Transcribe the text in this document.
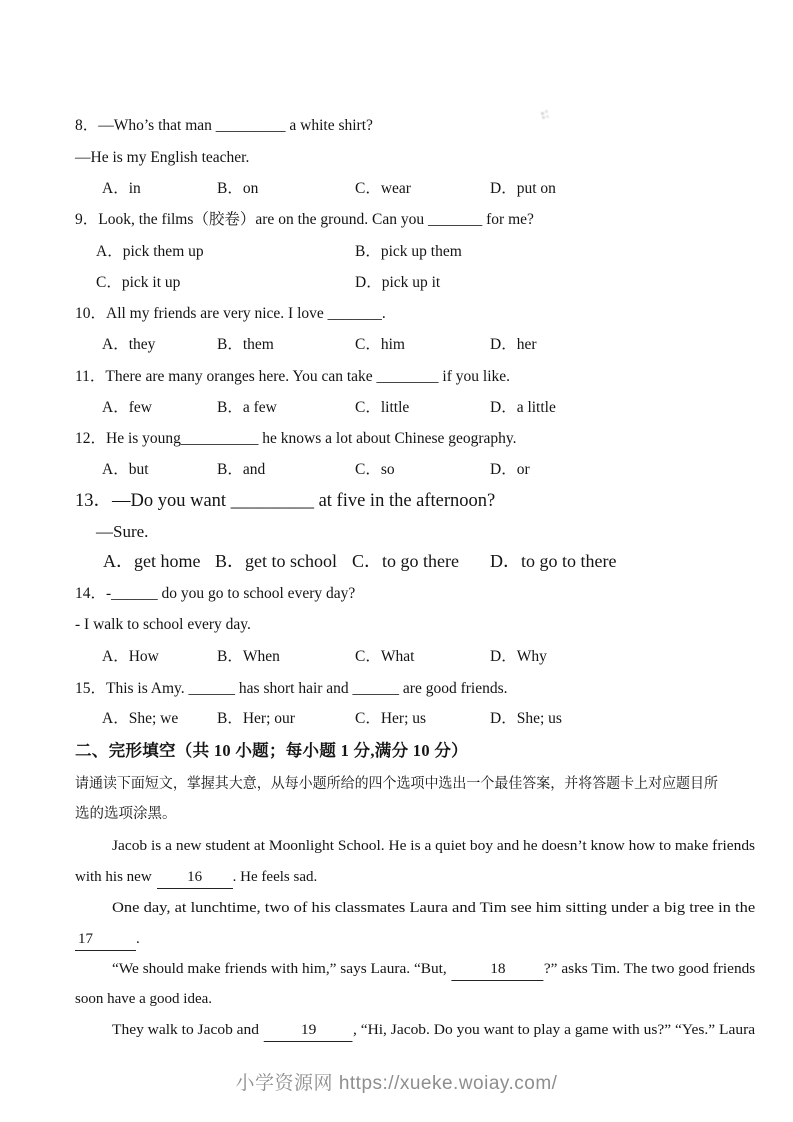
8．—Who’s that man _________ a white shirt?
—He is my English teacher.
A．in	B．on	C．wear	D．put on
9．Look, the films（胶卷）are on the ground. Can you _______ for me?
A．pick them up	B．pick up them
C．pick it up	D．pick up it
10．All my friends are very nice. I love _______.
A．they	B．them	C．him	D．her
11．There are many oranges here. You can take ________ if you like.
A．few	B．a few	C．little	D．a little
12．He is young__________ he knows a lot about Chinese geography.
A．but	B．and	C．so	D．or
13．—Do you want _________ at five in the afternoon?
—Sure.
A．get home B．get to school C．to go there D．to go to there
14．-______ do you go to school every day?
- I walk to school every day.
A．How	B．When	C．What	D．Why
15．This is Amy. ______ has short hair and ______ are good friends.
A．She; we	B．Her; our	C．Her; us	D．She; us
二、完形填空（共 10 小题；每小题 1 分,满分 10 分）
请通读下面短文，掌握其大意，从每小题所给的四个选项中选出一个最佳答案，并将答题卡上对应题目所
选的选项涂黑。
Jacob is a new student at Moonlight School. He is a quiet boy and he doesn’t know how to make friends
with his new 16 . He feels sad.
One day, at lunchtime, two of his classmates Laura and Tim see him sitting under a big tree in the
17	.
“We should make friends with him,” says Laura. “But,	18	?” asks Tim. The two good friends
soon have a good idea.
They walk to Jacob and	19 , “Hi, Jacob. Do you want to play a game with us?” “Yes.” Laura
小学资源网 https://xueke.woiay.com/
